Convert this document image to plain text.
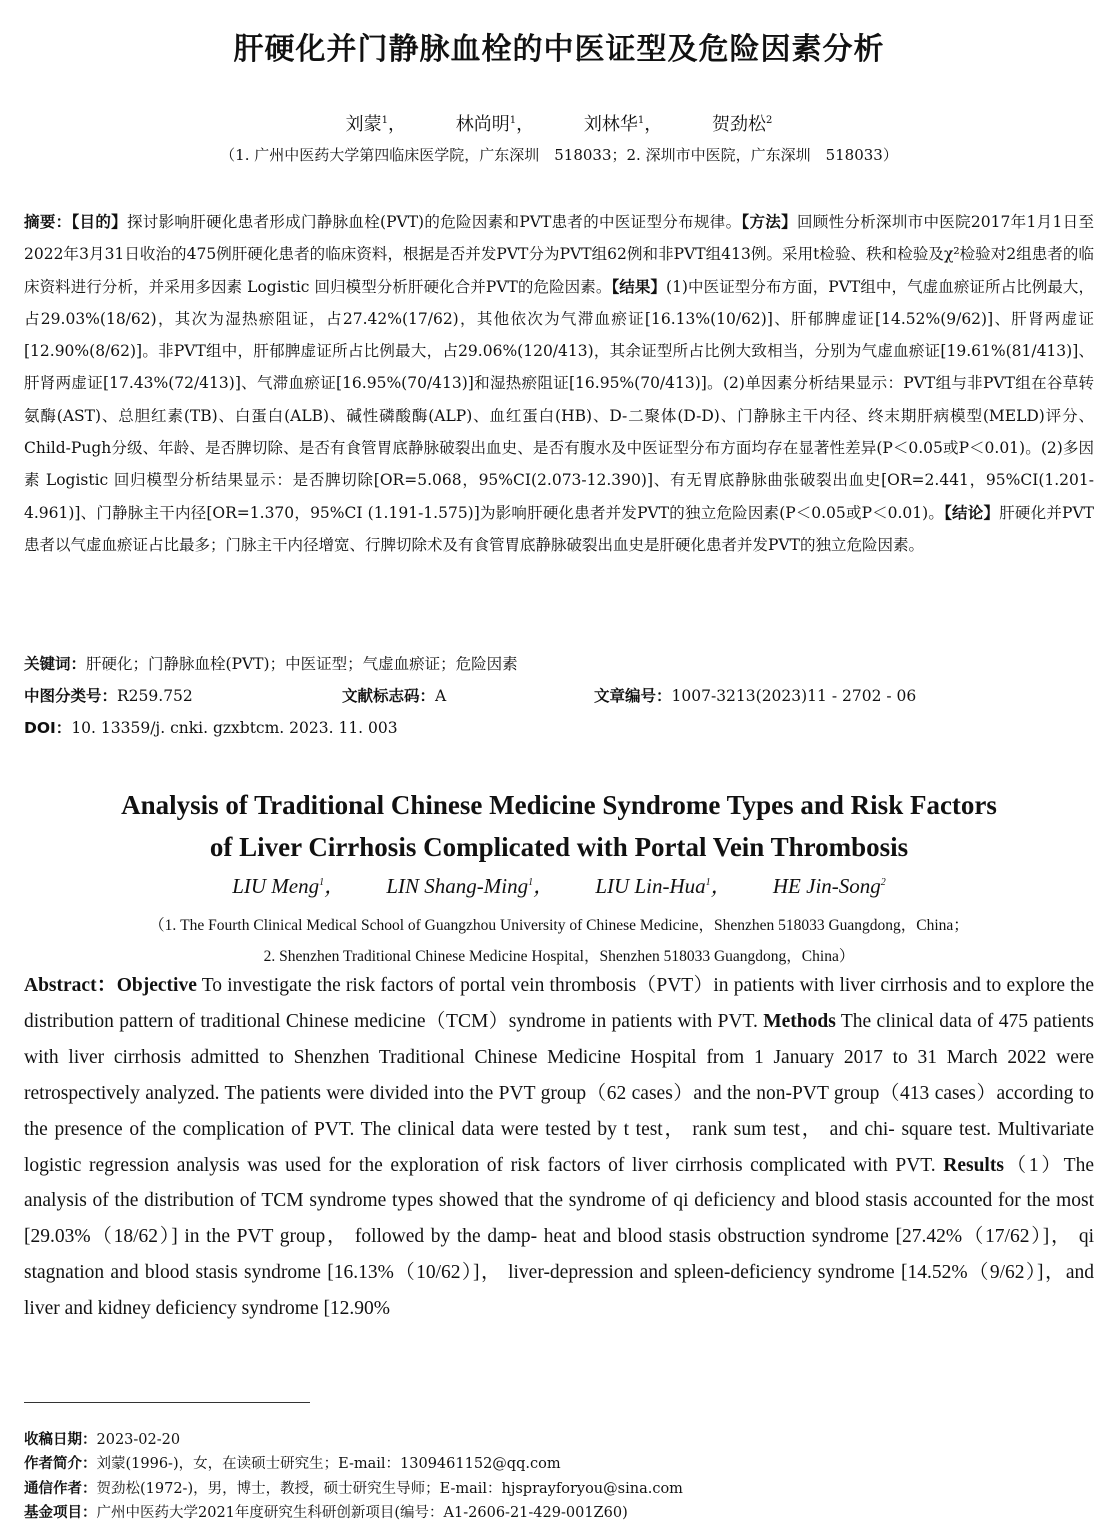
肝硬化并门静脉血栓的中医证型及危险因素分析
刘蒙$^1$，	林尚明$^1$，	刘林华$^1$，	贺劲松$^2$
（1. 广州中医药大学第四临床医学院，广东深圳　518033；2. 深圳市中医院，广东深圳　518033）
摘要：【目的】探讨影响肝硬化患者形成门静脉血栓(PVT)的危险因素和PVT患者的中医证型分布规律。【方法】回顾性分析深圳市中医院2017年1月1日至2022年3月31日收治的475例肝硬化患者的临床资料，根据是否并发PVT分为PVT组62例和非PVT组413例。采用t检验、秩和检验及χ²检验对2组患者的临床资料进行分析，并采用多因素 Logistic 回归模型分析肝硬化合并PVT的危险因素。【结果】(1)中医证型分布方面，PVT组中，气虚血瘀证所占比例最大，占29.03%(18/62)，其次为湿热瘀阻证，占27.42%(17/62)，其他依次为气滞血瘀证[16.13%(10/62)]、肝郁脾虚证[14.52%(9/62)]、肝肾两虚证[12.90%(8/62)]。非PVT组中，肝郁脾虚证所占比例最大，占29.06%(120/413)，其余证型所占比例大致相当，分别为气虚血瘀证[19.61%(81/413)]、肝肾两虚证[17.43%(72/413)]、气滞血瘀证[16.95%(70/413)]和湿热瘀阻证[16.95%(70/413)]。(2)单因素分析结果显示：PVT组与非PVT组在谷草转氨酶(AST)、总胆红素(TB)、白蛋白(ALB)、碱性磷酸酶(ALP)、血红蛋白(HB)、D-二聚体(D-D)、门静脉主干内径、终末期肝病模型(MELD)评分、Child-Pugh分级、年龄、是否脾切除、是否有食管胃底静脉破裂出血史、是否有腹水及中医证型分布方面均存在显著性差异(P＜0.05或P＜0.01)。(2)多因素 Logistic 回归模型分析结果显示：是否脾切除[OR=5.068，95%CI(2.073-12.390)]、有无胃底静脉曲张破裂出血史[OR=2.441，95%CI(1.201-4.961)]、门静脉主干内径[OR=1.370，95%CI (1.191-1.575)]为影响肝硬化患者并发PVT的独立危险因素(P＜0.05或P＜0.01)。【结论】肝硬化并PVT患者以气虚血瘀证占比最多；门脉主干内径增宽、行脾切除术及有食管胃底静脉破裂出血史是肝硬化患者并发PVT的独立危险因素。
关键词：肝硬化；门静脉血栓(PVT)；中医证型；气虚血瘀证；危险因素
中图分类号：R259.752	文献标志码：A	文章编号：1007-3213(2023)11 - 2702 - 06
DOI：10. 13359/j. cnki. gzxbtcm. 2023. 11. 003
Analysis of Traditional Chinese Medicine Syndrome Types and Risk Factors
of Liver Cirrhosis Complicated with Portal Vein Thrombosis
LIU Meng$^1$， LIN Shang-Ming$^1$， LIU Lin-Hua$^1$， HE Jin-Song$^2$
（1. The Fourth Clinical Medical School of Guangzhou University of Chinese Medicine，Shenzhen 518033 Guangdong，China；
2. Shenzhen Traditional Chinese Medicine Hospital，Shenzhen 518033 Guangdong，China）
Abstract：Objective To investigate the risk factors of portal vein thrombosis（PVT）in patients with liver cirrhosis and to explore the distribution pattern of traditional Chinese medicine（TCM）syndrome in patients with PVT. Methods The clinical data of 475 patients with liver cirrhosis admitted to Shenzhen Traditional Chinese Medicine Hospital from 1 January 2017 to 31 March 2022 were retrospectively analyzed. The patients were divided into the PVT group（62 cases）and the non-PVT group（413 cases）according to the presence of the complication of PVT. The clinical data were tested by t test， rank sum test， and chi- square test. Multivariate logistic regression analysis was used for the exploration of risk factors of liver cirrhosis complicated with PVT. Results（1）The analysis of the distribution of TCM syndrome types showed that the syndrome of qi deficiency and blood stasis accounted for the most [29.03%（18/62）] in the PVT group， followed by the damp- heat and blood stasis obstruction syndrome [27.42%（17/62）]， qi stagnation and blood stasis syndrome [16.13%（10/62）]， liver-depression and spleen-deficiency syndrome [14.52%（9/62）]，and liver and kidney deficiency syndrome [12.90%
收稿日期：2023-02-20
作者简介：刘蒙(1996-)，女，在读硕士研究生；E-mail：1309461152@qq.com
通信作者：贺劲松(1972-)，男，博士，教授，硕士研究生导师；E-mail：hjsprayforyou@sina.com
基金项目：广州中医药大学2021年度研究生科研创新项目(编号：A1-2606-21-429-001Z60)
